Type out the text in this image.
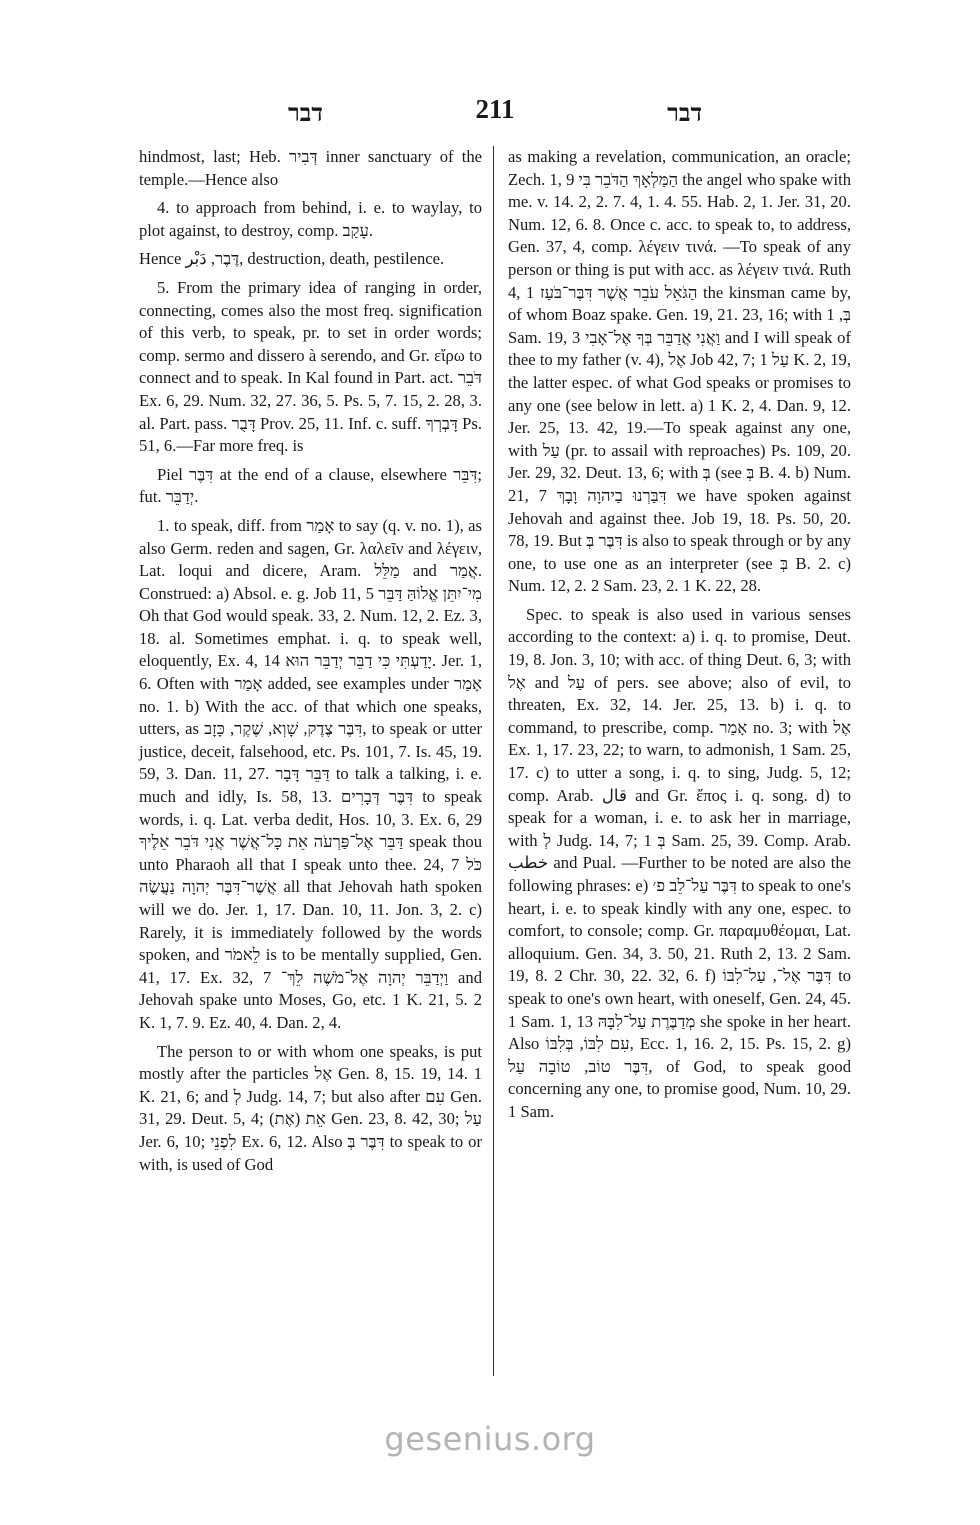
דבר	211	דבר

hindmost, last; Heb. דְּבִיר inner sanctuary of the temple.—Hence also

4. to approach from behind, i. e. to waylay, to plot against, to destroy, comp. עָקַב.

Hence דֶּבֶר, دَبْر, destruction, death, pestilence.

5. From the primary idea of ranging in order, connecting, comes also the most freq. signification of this verb, to speak, pr. to set in order words; comp. sermo and dissero à serendo, and Gr. εἴρω to connect and to speak. In Kal found in Part. act. דֹּבֵר Ex. 6, 29. Num. 32, 27. 36, 5. Ps. 5, 7. 15, 2. 28, 3. al. Part. pass. דָּבֻר Prov. 25, 11. Inf. c. suff. דָּבְרְךָ Ps. 51, 6.—Far more freq. is

Piel דִּבֶּר at the end of a clause, elsewhere דִּבֵּר; fut. יְדַבֵּר.

1. to speak, diff. from אָמַר to say (q. v. no. 1), as also Germ. reden and sagen, Gr. λαλεῖν and λέγειν, Lat. loqui and dicere, Aram. מַלֵּל and אֲמַר. Construed: a) Absol. e. g. Job 11, 5 מִי־יִתֵּן אֱלוֹהַּ דַּבֵּר Oh that God would speak. 33, 2. Num. 12, 2. Ez. 3, 18. al. Sometimes emphat. i. q. to speak well, eloquently, Ex. 4, 14 יָדַעְתִּי כִּי דַבֵּר יְדַבֵּר הוּא. Jer. 1, 6. Often with אָמַר added, see examples under אָמַר no. 1. b) With the acc. of that which one speaks, utters, as דִּבֶּר צֶדֶק, שָׁוְא, שֶׁקֶר, כָּזָב, to speak or utter justice, deceit, falsehood, etc. Ps. 101, 7. Is. 45, 19. 59, 3. Dan. 11, 27. דַּבֵּר דָּבָר to talk a talking, i. e. much and idly, Is. 58, 13. דִּבֶּר דְּבָרִים to speak words, i. q. Lat. verba dedit, Hos. 10, 3. Ex. 6, 29 דַּבֵּר אֶל־פַּרְעֹה אֵת כָּל־אֲשֶׁר אֲנִי דֹּבֵר אֵלֶיךָ speak thou unto Pharaoh all that I speak unto thee. 24, 7 כֹּל אֲשֶׁר־דִּבֶּר יְהוָה נַעֲשֶׂה all that Jehovah hath spoken will we do. Jer. 1, 17. Dan. 10, 11. Jon. 3, 2. c) Rarely, it is immediately followed by the words spoken, and לֵאמֹר is to be mentally supplied, Gen. 41, 17. Ex. 32, 7 וַיְדַבֵּר יְהוָה אֶל־מֹשֶׁה לֵךְ־ and Jehovah spake unto Moses, Go, etc. 1 K. 21, 5. 2 K. 1, 7. 9. Ez. 40, 4. Dan. 2, 4.

The person to or with whom one speaks, is put mostly after the particles אֶל Gen. 8, 15. 19, 14. 1 K. 21, 6; and לְ Judg. 14, 7; but also after עִם Gen. 31, 29. Deut. 5, 4; אֵת (אֶת) Gen. 23, 8. 42, 30; עַל Jer. 6, 10; לִפְנֵי Ex. 6, 12. Also דִּבֶּר בְּ to speak to or with, is used of God

as making a revelation, communication, an oracle; Zech. 1, 9 הַמַּלְאָךְ הַדֹּבֵר בִּי the angel who spake with me. v. 14. 2, 2. 7. 4, 1. 4. 55. Hab. 2, 1. Jer. 31, 20. Num. 12, 6. 8. Once c. acc. to speak to, to address, Gen. 37, 4, comp. λέγειν τινά. —To speak of any person or thing is put with acc. as λέγειν τινά. Ruth 4, 1 הַגֹּאֵל עֹבֵר אֲשֶׁר דִּבֶּר־בֹּעַז the kinsman came by, of whom Boaz spake. Gen. 19, 21. 23, 16; with בְּ, 1 Sam. 19, 3 וַאֲנִי אֲדַבֵּר בְּךָ אֶל־אָבִי and I will speak of thee to my father (v. 4), אֶל Job 42, 7; עַל 1 K. 2, 19, the latter espec. of what God speaks or promises to any one (see below in lett. a) 1 K. 2, 4. Dan. 9, 12. Jer. 25, 13. 42, 19.—To speak against any one, with עַל (pr. to assail with reproaches) Ps. 109, 20. Jer. 29, 32. Deut. 13, 6; with בְּ (see בְּ B. 4. b) Num. 21, 7 דִּבַּרְנוּ בַיהוָה וָבָךְ we have spoken against Jehovah and against thee. Job 19, 18. Ps. 50, 20. 78, 19. But דִּבֶּר בְּ is also to speak through or by any one, to use one as an interpreter (see בְּ B. 2. c) Num. 12, 2. 2 Sam. 23, 2. 1 K. 22, 28.

Spec. to speak is also used in various senses according to the context: a) i. q. to promise, Deut. 19, 8. Jon. 3, 10; with acc. of thing Deut. 6, 3; with אֶל and עַל of pers. see above; also of evil, to threaten, Ex. 32, 14. Jer. 25, 13. b) i. q. to command, to prescribe, comp. אָמַר no. 3; with אֶל Ex. 1, 17. 23, 22; to warn, to admonish, 1 Sam. 25, 17. c) to utter a song, i. q. to sing, Judg. 5, 12; comp. Arab. قال and Gr. ἔπος i. q. song. d) to speak for a woman, i. e. to ask her in marriage, with לְ Judg. 14, 7; בְּ 1 Sam. 25, 39. Comp. Arab. خطب and Pual. —Further to be noted are also the following phrases: e) דִּבֶּר עַל־לֵב פ׳ to speak to one's heart, i. e. to speak kindly with any one, espec. to comfort, to console; comp. Gr. παραμυθέομαι, Lat. alloquium. Gen. 34, 3. 50, 21. Ruth 2, 13. 2 Sam. 19, 8. 2 Chr. 30, 22. 32, 6. f) דִּבֶּר אֶל־, עַל־לִבּוֹ to speak to one's own heart, with oneself, Gen. 24, 45. 1 Sam. 1, 13 מְדַבֶּרֶת עַל־לִבָּהּ she spoke in her heart. Also עִם לִבּוֹ, בְּלִבּוֹ, Ecc. 1, 16. 2, 15. Ps. 15, 2. g) דִּבֶּר טוֹב, טוֹבָה עַל, of God, to speak good concerning any one, to promise good, Num. 10, 29. 1 Sam.

gesenius.org
